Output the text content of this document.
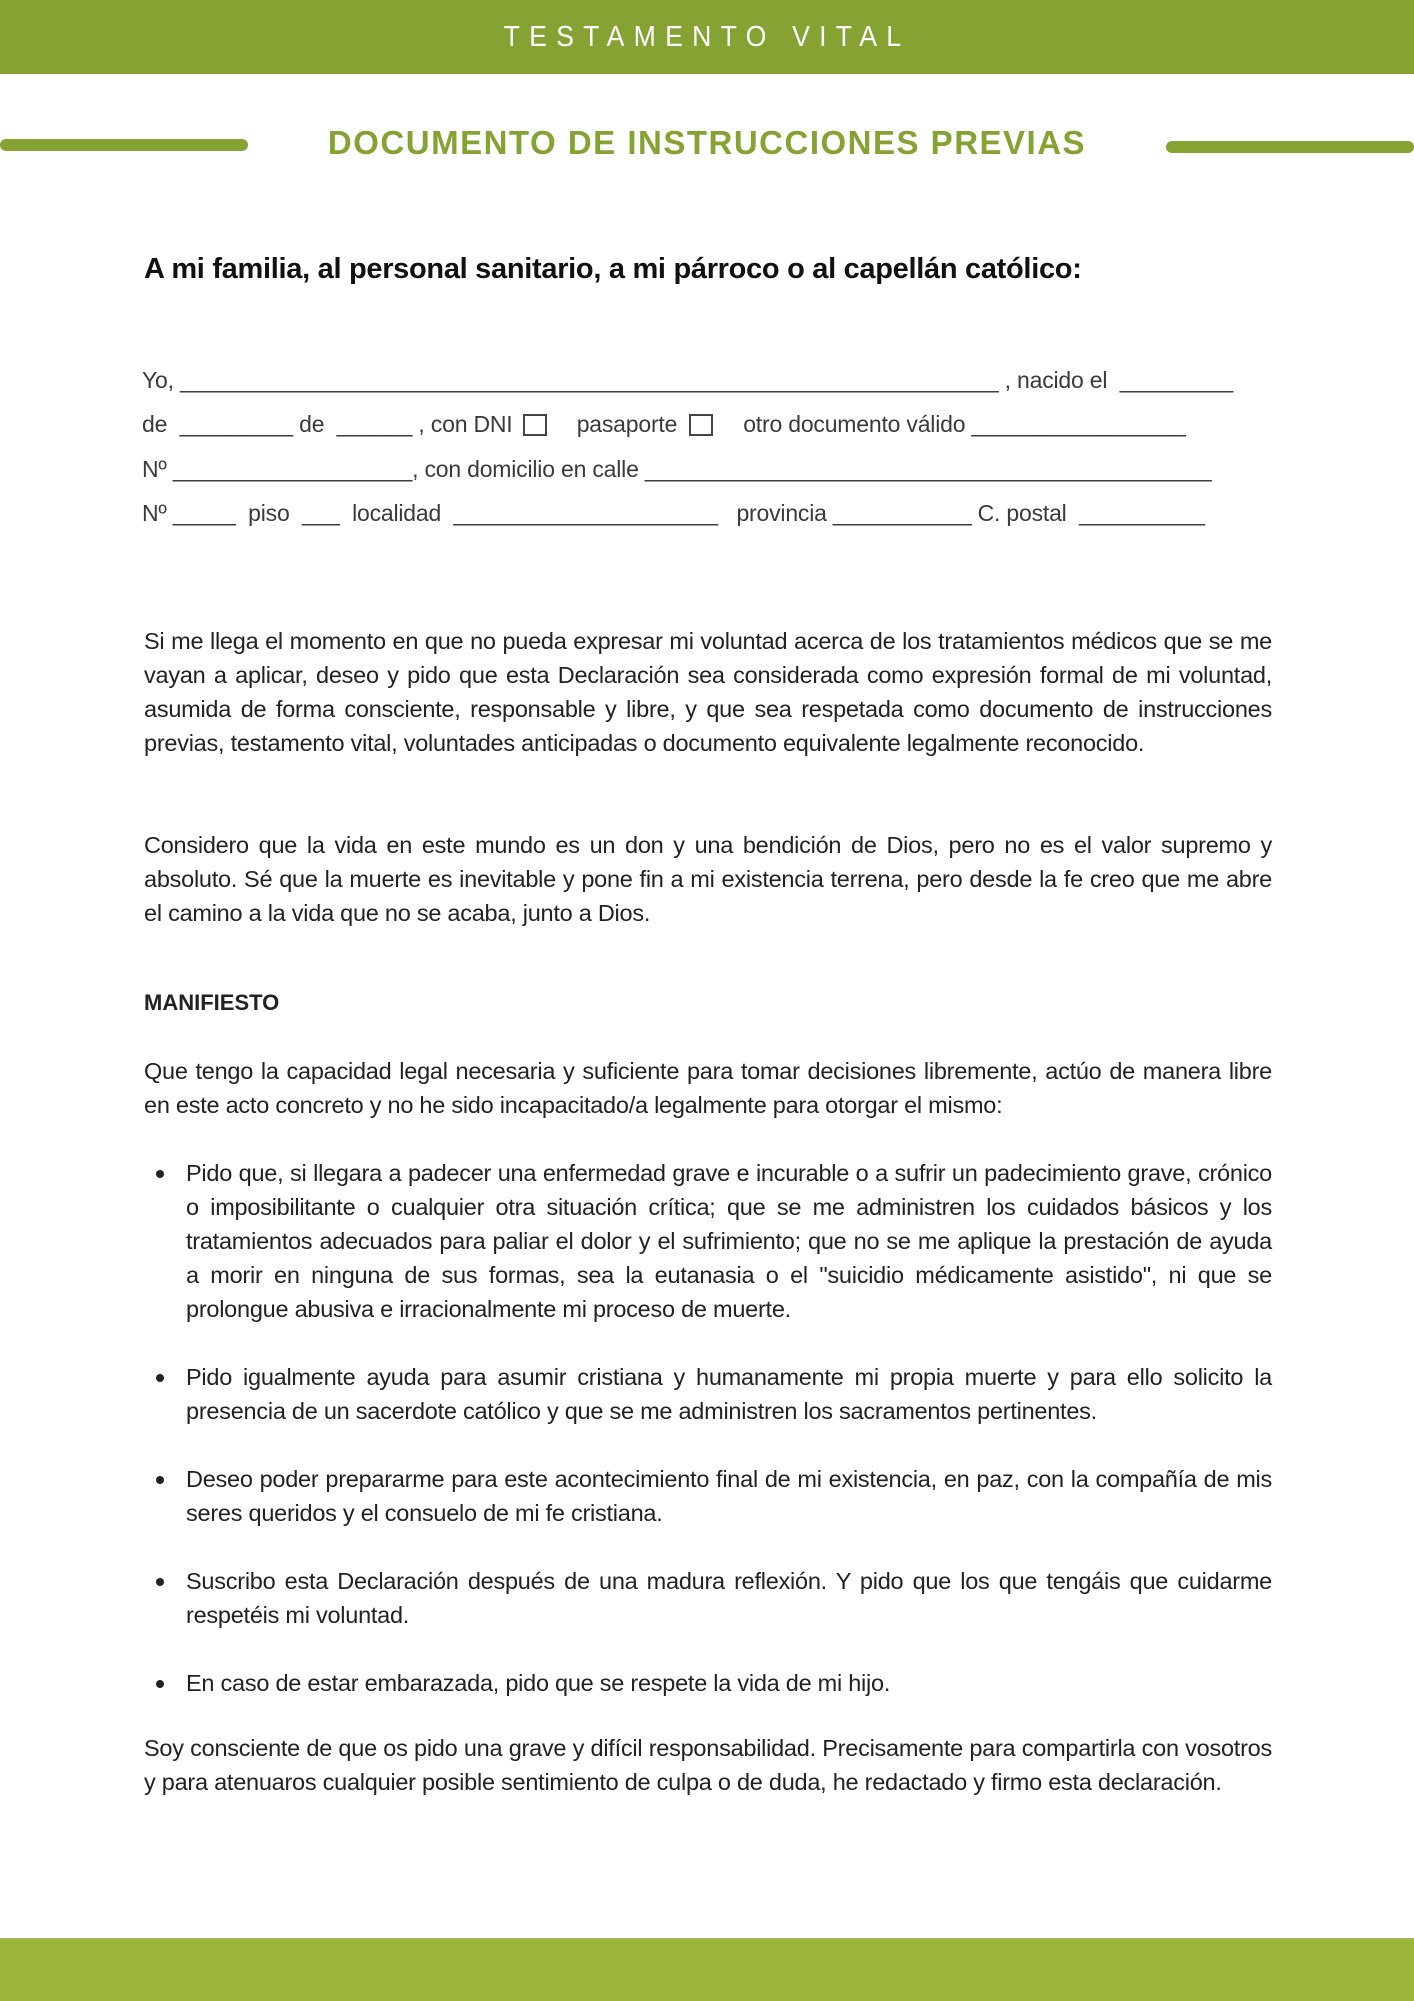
TESTAMENTO VITAL
DOCUMENTO DE INSTRUCCIONES PREVIAS
A mi familia, al personal sanitario, a mi párroco o al capellán católico:
Yo, _________________________________________________________________ , nacido el _________
de _________ de ______ , con DNI
	pasaporte	otro documento válido _________________
Nº ___________________ , con domicilio en calle _____________________________________________
Nº _____ piso ___ localidad _____________________ provincia ___________ C. postal __________

Si me llega el momento en que no pueda expresar mi voluntad acerca de los tratamientos médicos que se me vayan a aplicar, deseo y pido que esta Declaración sea considerada como expresión formal de mi voluntad, asumida de forma consciente, responsable y libre, y que sea respetada como documento de instrucciones previas, testamento vital, voluntades anticipadas o documento equivalente legalmente reconocido.

Considero que la vida en este mundo es un don y una bendición de Dios, pero no es el valor supremo y absoluto. Sé que la muerte es inevitable y pone fin a mi existencia terrena, pero desde la fe creo que me abre el camino a la vida que no se acaba, junto a Dios.

MANIFIESTO

Que tengo la capacidad legal necesaria y suficiente para tomar decisiones libremente, actúo de manera libre en este acto concreto y no he sido incapacitado/a legalmente para otorgar el mismo:

Pido que, si llegara a padecer una enfermedad grave e incurable o a sufrir un padecimiento grave, crónico o imposibilitante o cualquier otra situación crítica; que se me administren los cuidados básicos y los tratamientos adecuados para paliar el dolor y el sufrimiento; que no se me aplique la prestación de ayuda a morir en ninguna de sus formas, sea la eutanasia o el "suicidio médicamente asistido", ni que se prolongue abusiva e irracionalmente mi proceso de muerte.
Pido igualmente ayuda para asumir cristiana y humanamente mi propia muerte y para ello solicito la presencia de un sacerdote católico y que se me administren los sacramentos pertinentes.
Deseo poder prepararme para este acontecimiento final de mi existencia, en paz, con la compañía de mis seres queridos y el consuelo de mi fe cristiana.
Suscribo esta Declaración después de una madura reflexión. Y pido que los que tengáis que cuidarme respetéis mi voluntad.
En caso de estar embarazada, pido que se respete la vida de mi hijo.

Soy consciente de que os pido una grave y difícil responsabilidad. Precisamente para compartirla con vosotros y para atenuaros cualquier posible sentimiento de culpa o de duda, he redactado y firmo esta declaración.
